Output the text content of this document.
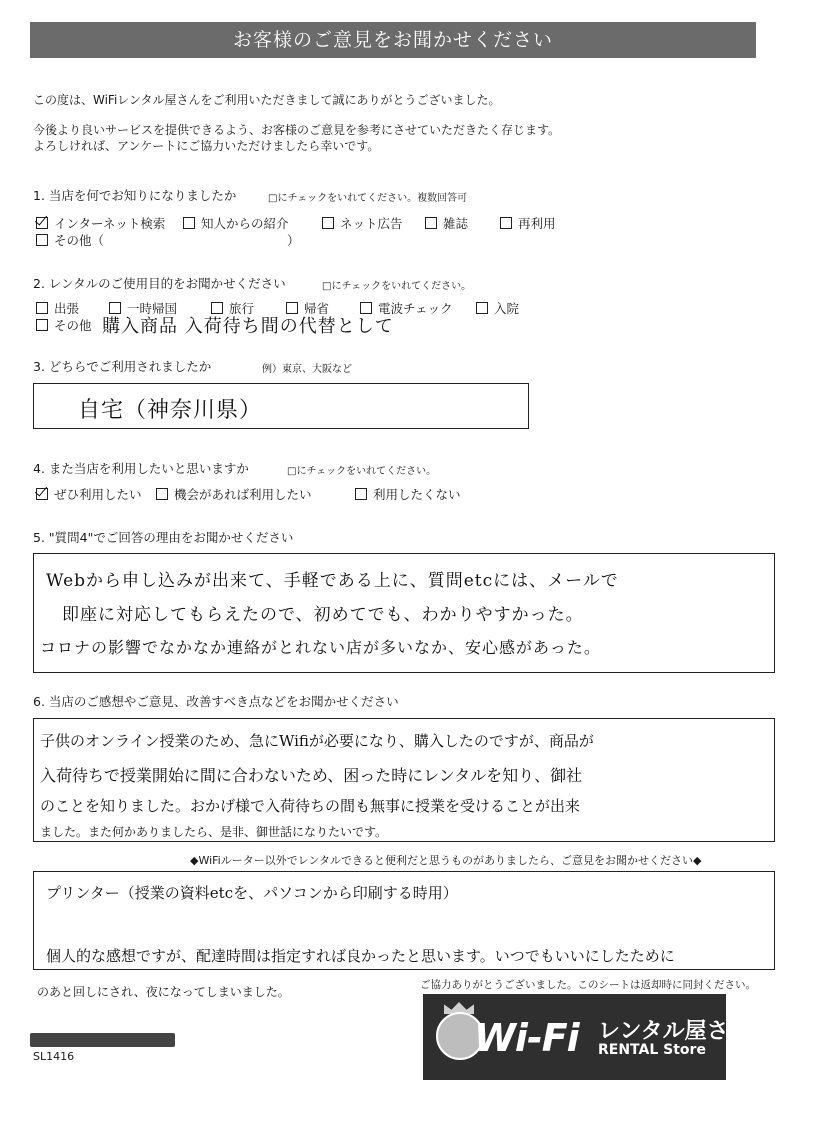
お客様のご意見をお聞かせください
この度は、WiFiレンタル屋さんをご利用いただきまして誠にありがとうございました。
今後より良いサービスを提供できるよう、お客様のご意見を参考にさせていただきたく存じます。
よろしければ、アンケートにご協力いただけましたら幸いです。
1. 当店を何でお知りになりましたか	□にチェックをいれてください。複数回答可
インターネット検索	知人からの紹介	ネット広告	雑誌	再利用
その他（	）
2. レンタルのご使用目的をお聞かせください	□にチェックをいれてください。
出張	一時帰国	旅行	帰省	電波チェック	入院
その他 購入商品 入荷待ち間の代替として
3. どちらでご利用されましたか	例）東京、大阪など
自宅（神奈川県）
4. また当店を利用したいと思いますか	□にチェックをいれてください。
ぜひ利用したい	機会があれば利用したい	利用したくない
5. "質問4"でご回答の理由をお聞かせください
Webから申し込みが出来て、手軽である上に、質問etcには、メールで
即座に対応してもらえたので、初めてでも、わかりやすかった。
コロナの影響でなかなか連絡がとれない店が多いなか、安心感があった。
6. 当店のご感想やご意見、改善すべき点などをお聞かせください
子供のオンライン授業のため、急にWifiが必要になり、購入したのですが、商品が
入荷待ちで授業開始に間に合わないため、困った時にレンタルを知り、御社
のことを知りました。おかげ様で入荷待ちの間も無事に授業を受けることが出来
ました。また何かありましたら、是非、御世話になりたいです。
◆WiFiルーター以外でレンタルできると便利だと思うものがありましたら、ご意見をお聞かせください◆
プリンター（授業の資料etcを、パソコンから印刷する時用）
個人的な感想ですが、配達時間は指定すれば良かったと思います。いつでもいいにしたために
のあと回しにされ、夜になってしまいました。	ご協力ありがとうございました。このシートは返却時に同封ください。
SL1416	Wi-Fi レンタル屋さん
RENTAL Store
